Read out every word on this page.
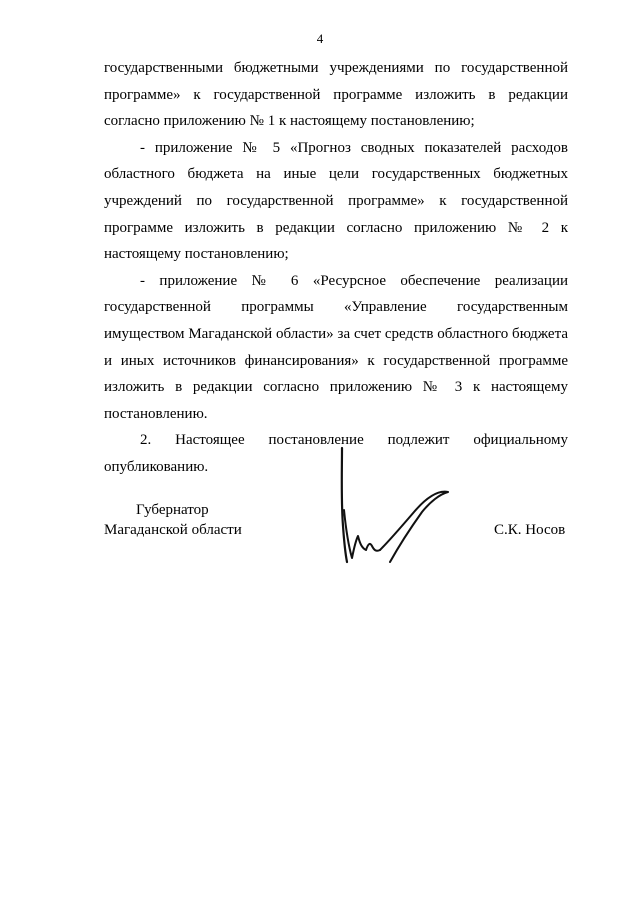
4

государственными бюджетными учреждениями по государственной программе» к государственной программе изложить в редакции согласно приложению № 1 к настоящему постановлению;

- приложение № 5 «Прогноз сводных показателей расходов областного бюджета на иные цели государственных бюджетных учреждений по государственной программе» к государственной программе изложить в редакции согласно приложению № 2 к настоящему постановлению;

- приложение № 6 «Ресурсное обеспечение реализации государственной программы «Управление государственным имуществом Магаданской области» за счет средств областного бюджета и иных источников финансирования» к государственной программе изложить в редакции согласно приложению № 3 к настоящему постановлению.

2. Настоящее постановление подлежит официальному опубликованию.

Губернатор
Магаданской области	С.К. Носов
